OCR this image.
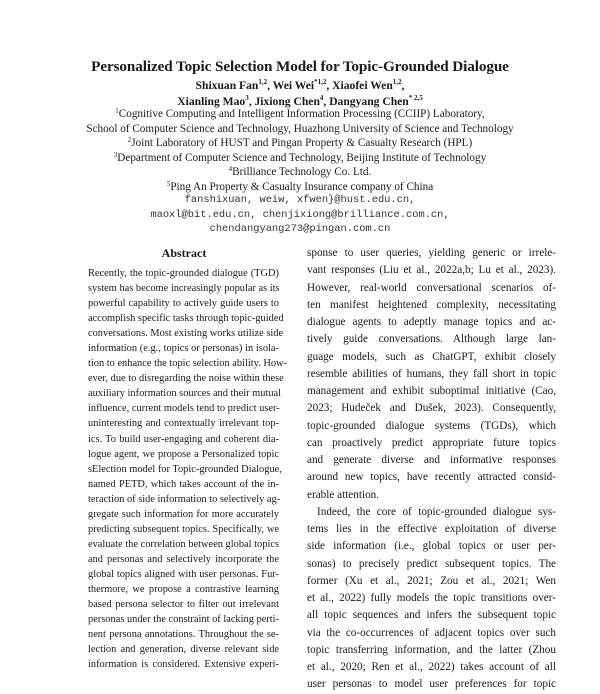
Personalized Topic Selection Model for Topic-Grounded Dialogue
Shixuan Fan$^{1,2}$, Wei Wei$^{*1,2}$, Xiaofei Wen$^{1,2}$,
Xianling Mao$^3$, Jixiong Chen$^4$, Dangyang Chen$^{* 2,5}$
$^1$Cognitive Computing and Intelligent Information Processing (CCIIP) Laboratory,
School of Computer Science and Technology, Huazhong University of Science and Technology
$^2$Joint Laboratory of HUST and Pingan Property & Casualty Research (HPL)
$^3$Department of Computer Science and Technology, Beijing Institute of Technology
$^4$Brilliance Technology Co. Ltd.
$^5$Ping An Property & Casualty Insurance company of China
fanshixuan, weiw, xfwen}@hust.edu.cn,
maoxl@bit.edu.cn, chenjixiong@brilliance.com.cn,
chendangyang273@pingan.com.cn
Abstract
Recently, the topic-grounded dialogue (TGD)
system has become increasingly popular as its
powerful capability to actively guide users to
accomplish specific tasks through topic-guided
conversations. Most existing works utilize side
information (e.g., topics or personas) in isola-
tion to enhance the topic selection ability. How-
ever, due to disregarding the noise within these
auxiliary information sources and their mutual
influence, current models tend to predict user-
uninteresting and contextually irrelevant top-
ics. To build user-engaging and coherent dia-
logue agent, we propose a Personalized topic
sElection model for Topic-grounded Dialogue,
named PETD, which takes account of the in-
teraction of side information to selectively ag-
gregate such information for more accurately
predicting subsequent topics. Specifically, we
evaluate the correlation between global topics
and personas and selectively incorporate the
global topics aligned with user personas. Fur-
thermore, we propose a contrastive learning
based persona selector to filter out irrelevant
personas under the constraint of lacking perti-
nent persona annotations. Throughout the se-
lection and generation, diverse relevant side
information is considered. Extensive experi-
sponse to user queries, yielding generic or irrele-
vant responses (Liu et al., 2022a,b; Lu et al., 2023).
However, real-world conversational scenarios of-
ten manifest heightened complexity, necessitating
dialogue agents to adeptly manage topics and ac-
tively guide conversations. Although large lan-
guage models, such as ChatGPT, exhibit closely
resemble abilities of humans, they fall short in topic
management and exhibit suboptimal initiative (Cao,
2023; Hudeček and Dušek, 2023). Consequently,
topic-grounded dialogue systems (TGDs), which
can proactively predict appropriate future topics
and generate diverse and informative responses
around new topics, have recently attracted consid-
erable attention.
Indeed, the core of topic-grounded dialogue sys-
tems lies in the effective exploitation of diverse
side information (i.e., global topics or user per-
sonas) to precisely predict subsequent topics. The
former (Xu et al., 2021; Zou et al., 2021; Wen
et al., 2022) fully models the topic transitions over-
all topic sequences and infers the subsequent topic
via the co-occurrences of adjacent topics over such
topic transferring information, and the latter (Zhou
et al., 2020; Ren et al., 2022) takes account of all
user personas to model user preferences for topic
